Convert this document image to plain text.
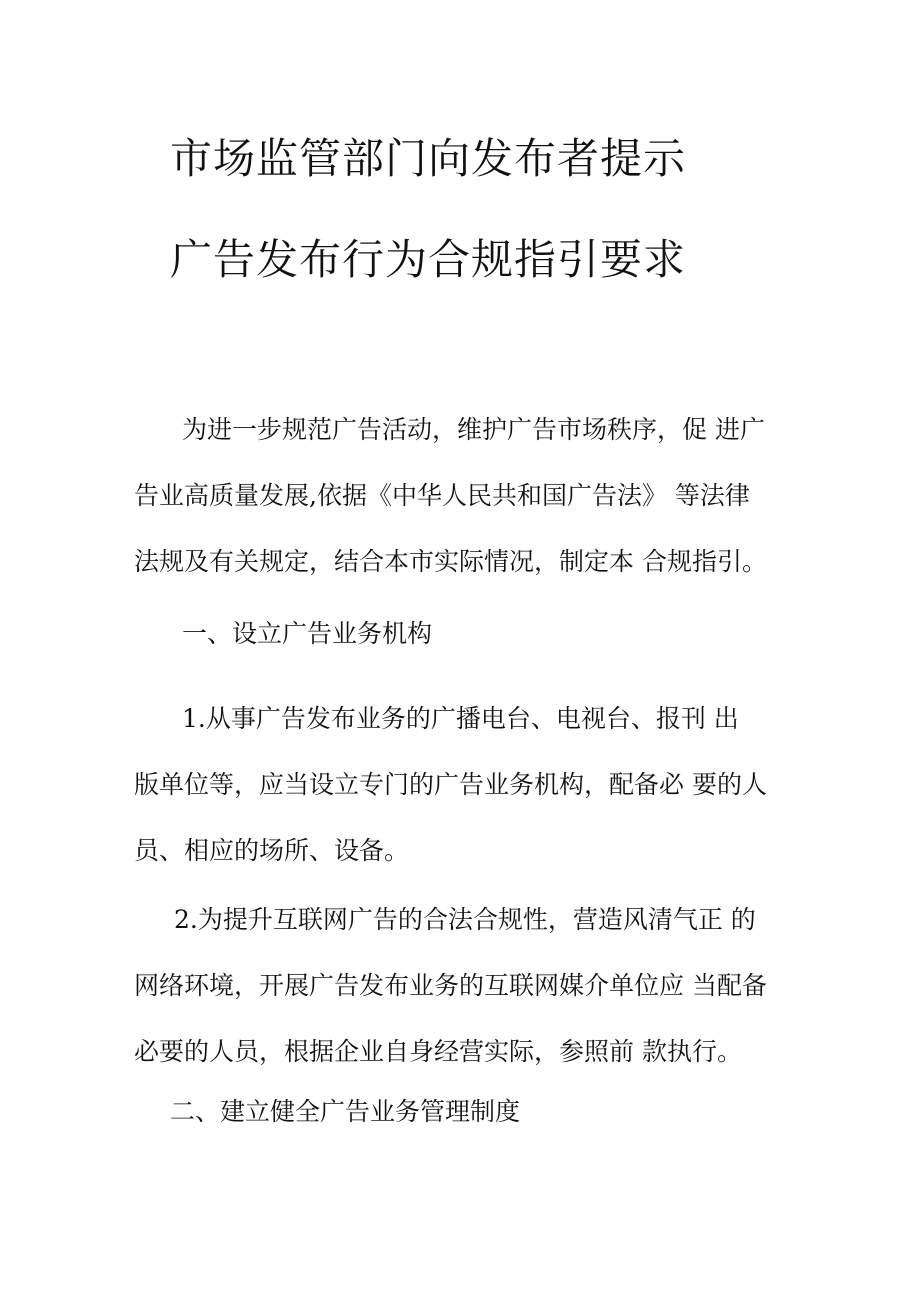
市场监管部门向发布者提示
广告发布行为合规指引要求
为进一步规范广告活动，维护广告市场秩序，促 进广
告业高质量发展,依据《中华人民共和国广告法》 等法律
法规及有关规定，结合本市实际情况，制定本 合规指引。
一、设立广告业务机构
1.从事广告发布业务的广播电台、电视台、报刊 出
版单位等，应当设立专门的广告业务机构，配备必 要的人
员、相应的场所、设备。
2.为提升互联网广告的合法合规性，营造风清气正 的
网络环境，开展广告发布业务的互联网媒介单位应 当配备
必要的人员，根据企业自身经营实际，参照前 款执行。
二、建立健全广告业务管理制度
